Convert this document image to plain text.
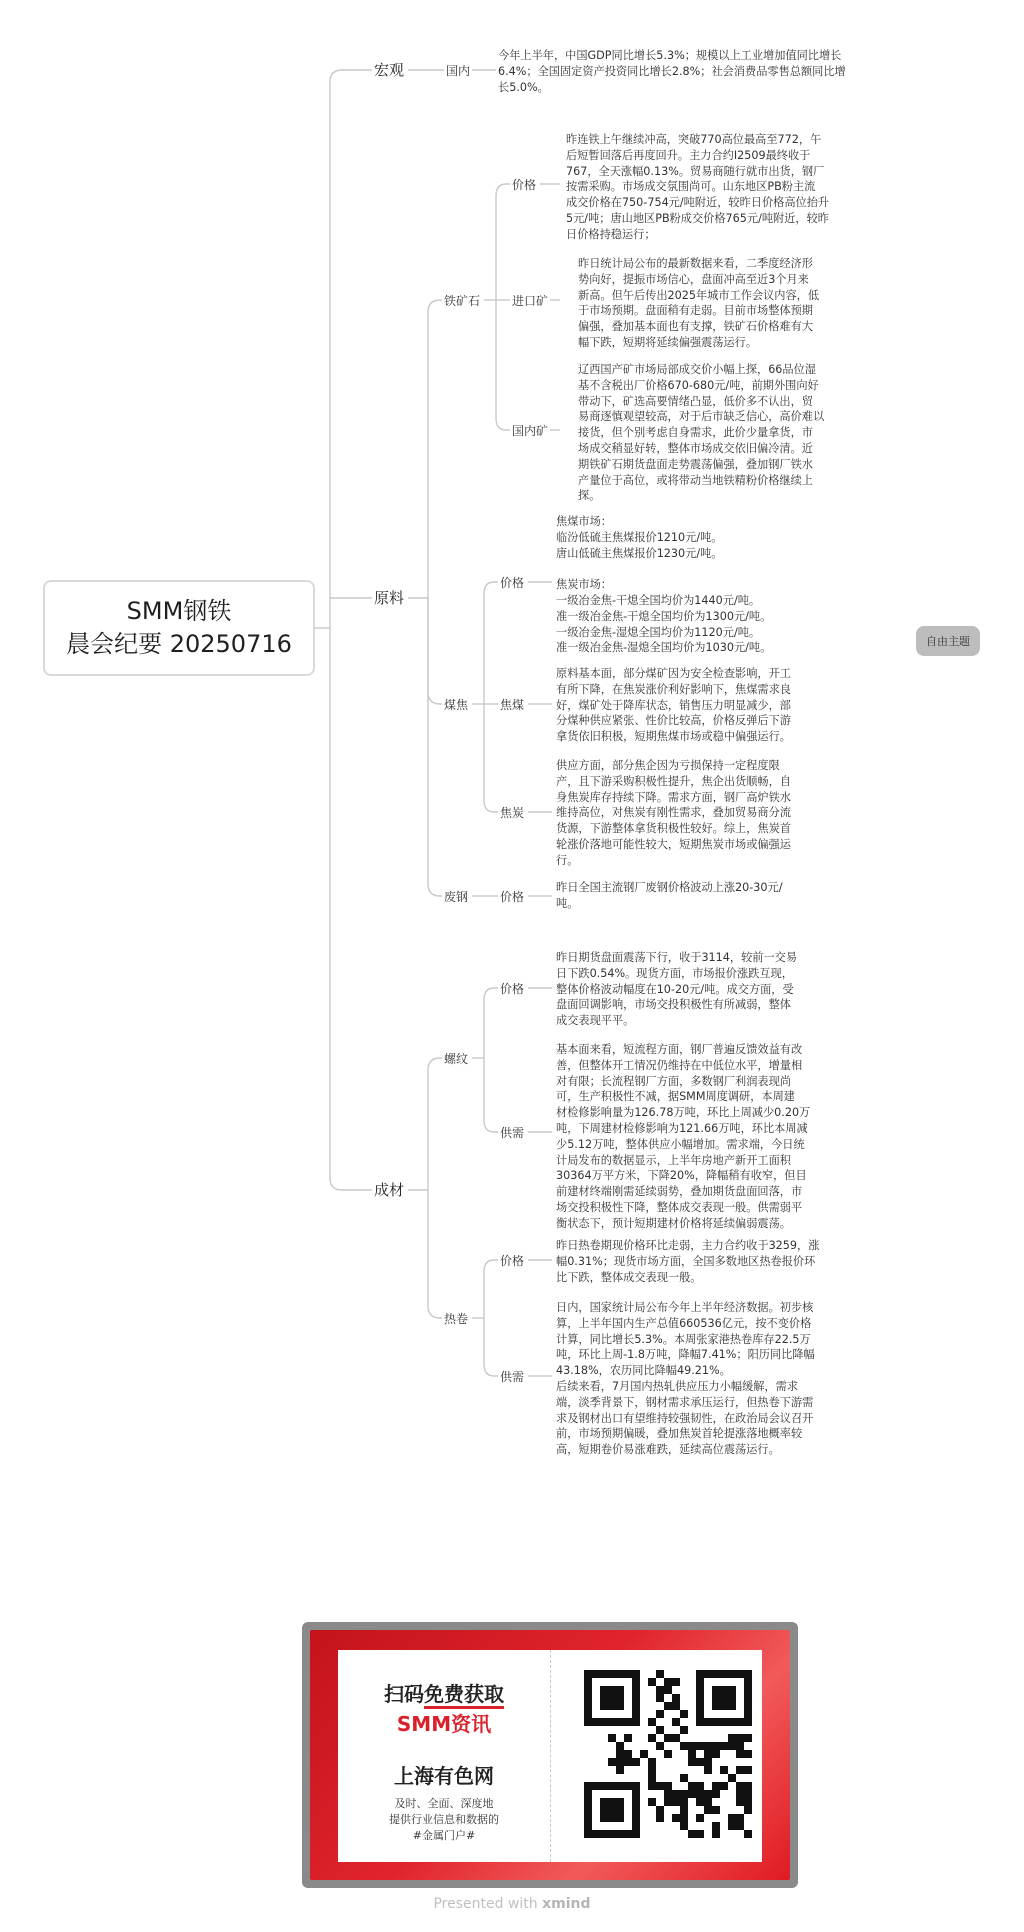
SMM钢铁
晨会纪要 20250716
宏观
原料
成材
国内
今年上半年，中国GDP同比增长5.3%；规模以上工业增加值同比增长
6.4%；全国固定资产投资同比增长2.8%；社会消费品零售总额同比增
长5.0%。
铁矿石
价格
进口矿
国内矿
昨连铁上午继续冲高，突破770高位最高至772，午
后短暂回落后再度回升。主力合约I2509最终收于
767，全天涨幅0.13%。贸易商随行就市出货，钢厂
按需采购。市场成交氛围尚可。山东地区PB粉主流
成交价格在750-754元/吨附近，较昨日价格高位抬升
5元/吨；唐山地区PB粉成交价格765元/吨附近，较昨
日价格持稳运行；
昨日统计局公布的最新数据来看，二季度经济形
势向好，提振市场信心，盘面冲高至近3个月来
新高。但午后传出2025年城市工作会议内容，低
于市场预期。盘面稍有走弱。目前市场整体预期
偏强，叠加基本面也有支撑，铁矿石价格难有大
幅下跌，短期将延续偏强震荡运行。
辽西国产矿市场局部成交价小幅上探，66品位湿
基不含税出厂价格670-680元/吨，前期外围向好
带动下，矿选高要情绪凸显，低价多不认出，贸
易商逐慎观望较高，对于后市缺乏信心，高价难以
接货，但个别考虑自身需求，此价少量拿货，市
场成交稍显好转，整体市场成交依旧偏冷清。近
期铁矿石期货盘面走势震荡偏强，叠加钢厂铁水
产量位于高位，或将带动当地铁精粉价格继续上
探。
煤焦
价格
焦煤
焦炭
焦煤市场：
临汾低硫主焦煤报价1210元/吨。
唐山低硫主焦煤报价1230元/吨。
焦炭市场：
一级冶金焦-干熄全国均价为1440元/吨。
准一级冶金焦-干熄全国均价为1300元/吨。
一级冶金焦-湿熄全国均价为1120元/吨。
准一级冶金焦-湿熄全国均价为1030元/吨。
原料基本面，部分煤矿因为安全检查影响，开工
有所下降，在焦炭涨价利好影响下，焦煤需求良
好，煤矿处于降库状态，销售压力明显减少，部
分煤种供应紧张、性价比较高，价格反弹后下游
拿货依旧积极，短期焦煤市场或稳中偏强运行。
供应方面，部分焦企因为亏损保持一定程度限
产，且下游采购积极性提升，焦企出货顺畅，自
身焦炭库存持续下降。需求方面，钢厂高炉铁水
维持高位，对焦炭有刚性需求，叠加贸易商分流
货源，下游整体拿货积极性较好。综上，焦炭首
轮涨价落地可能性较大，短期焦炭市场或偏强运
行。
废钢	价格
昨日全国主流钢厂废钢价格波动上涨20-30元/
吨。
螺纹
价格
供需
昨日期货盘面震荡下行，收于3114，较前一交易
日下跌0.54%。现货方面，市场报价涨跌互现，
整体价格波动幅度在10-20元/吨。成交方面，受
盘面回调影响，市场交投积极性有所减弱，整体
成交表现平平。
基本面来看，短流程方面，钢厂普遍反馈效益有改
善，但整体开工情况仍维持在中低位水平，增量相
对有限；长流程钢厂方面，多数钢厂利润表现尚
可，生产积极性不减，据SMM周度调研，本周建
材检修影响量为126.78万吨，环比上周减少0.20万
吨，下周建材检修影响为121.66万吨，环比本周减
少5.12万吨，整体供应小幅增加。需求端，今日统
计局发布的数据显示，上半年房地产新开工面积
30364万平方米，下降20%，降幅稍有收窄，但目
前建材终端刚需延续弱势，叠加期货盘面回落，市
场交投积极性下降，整体成交表现一般。供需弱平
衡状态下，预计短期建材价格将延续偏弱震荡。
热卷
价格
供需
昨日热卷期现价格环比走弱，主力合约收于3259，涨
幅0.31%；现货市场方面，全国多数地区热卷报价环
比下跌，整体成交表现一般。
日内，国家统计局公布今年上半年经济数据。初步核
算，上半年国内生产总值660536亿元，按不变价格
计算，同比增长5.3%。本周张家港热卷库存22.5万
吨，环比上周-1.8万吨，降幅7.41%；阳历同比降幅
43.18%，农历同比降幅49.21%。
后续来看，7月国内热轧供应压力小幅缓解，需求
端，淡季背景下，钢材需求承压运行，但热卷下游需
求及钢材出口有望维持较强韧性，在政治局会议召开
前，市场预期偏暖，叠加焦炭首轮提涨落地概率较
高，短期卷价易涨难跌，延续高位震荡运行。
自由主题
扫码免费获取
SMM资讯
上海有色网
及时、全面、深度地
提供行业信息和数据的
#金属门户#
Presented with xmind
